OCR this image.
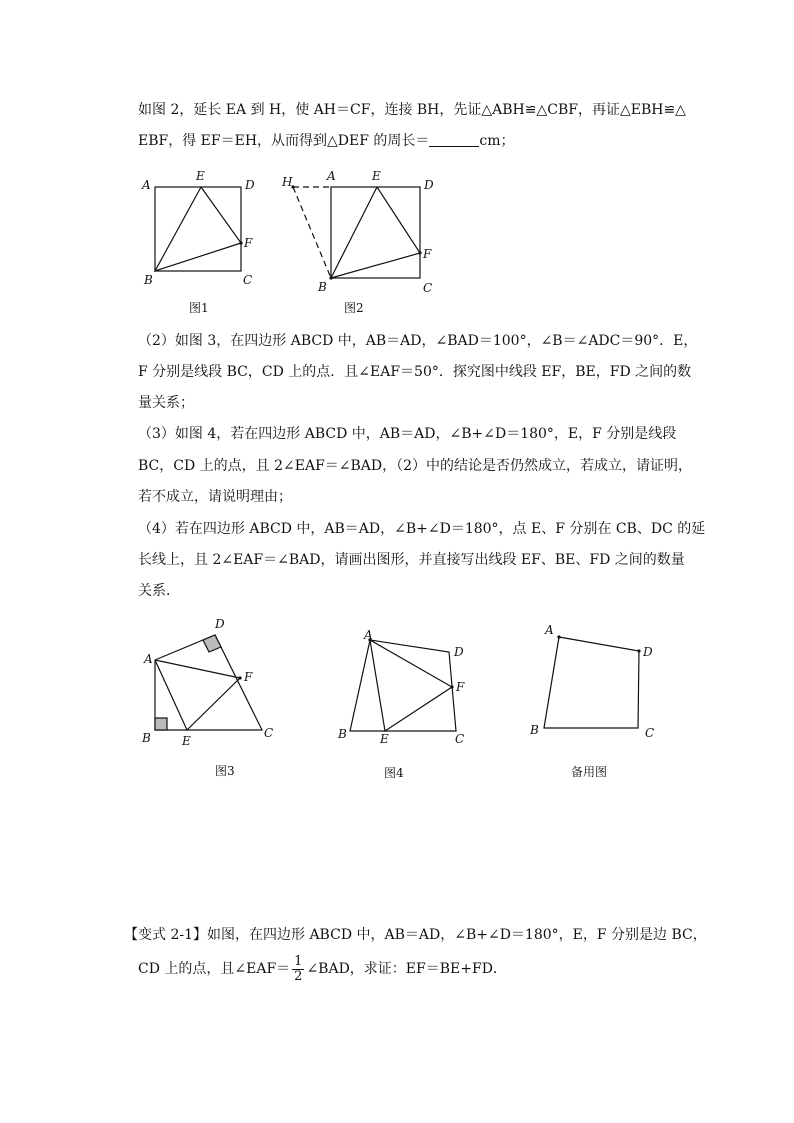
如图 2，延长 EA 到 H，使 AH＝CF，连接 BH，先证△ABH≌△CBF，再证△EBH≌△
EBF，得 EF＝EH，从而得到△DEF 的周长＝	cm；
A
E
D
F
B	C
图1
H	A	E
D
F
B	C
图2
A
D
F
B	E
C
图3
A
D
F
B	E	C
图4
A
D
B	C
备用图
（2）如图 3，在四边形 ABCD 中，AB＝AD，∠BAD＝100°，∠B＝∠ADC＝90°．E，
F 分别是线段 BC，CD 上的点．且∠EAF＝50°．探究图中线段 EF，BE，FD 之间的数
量关系；
（3）如图 4，若在四边形 ABCD 中，AB＝AD，∠B+∠D＝180°，E，F 分别是线段
BC，CD 上的点，且 2∠EAF＝∠BAD，（2）中的结论是否仍然成立，若成立，请证明，
若不成立，请说明理由；
（4）若在四边形 ABCD 中，AB＝AD，∠B+∠D＝180°，点 E、F 分别在 CB、DC 的延
长线上，且 2∠EAF＝∠BAD，请画出图形，并直接写出线段 EF、BE、FD 之间的数量
关系．
【变式 2-1】如图，在四边形 ABCD 中，AB＝AD，∠B+∠D＝180°，E，F 分别是边 BC，
CD 上的点，且∠EAF＝ $\frac{1}{2}$ ∠BAD，求证：EF＝BE+FD．
